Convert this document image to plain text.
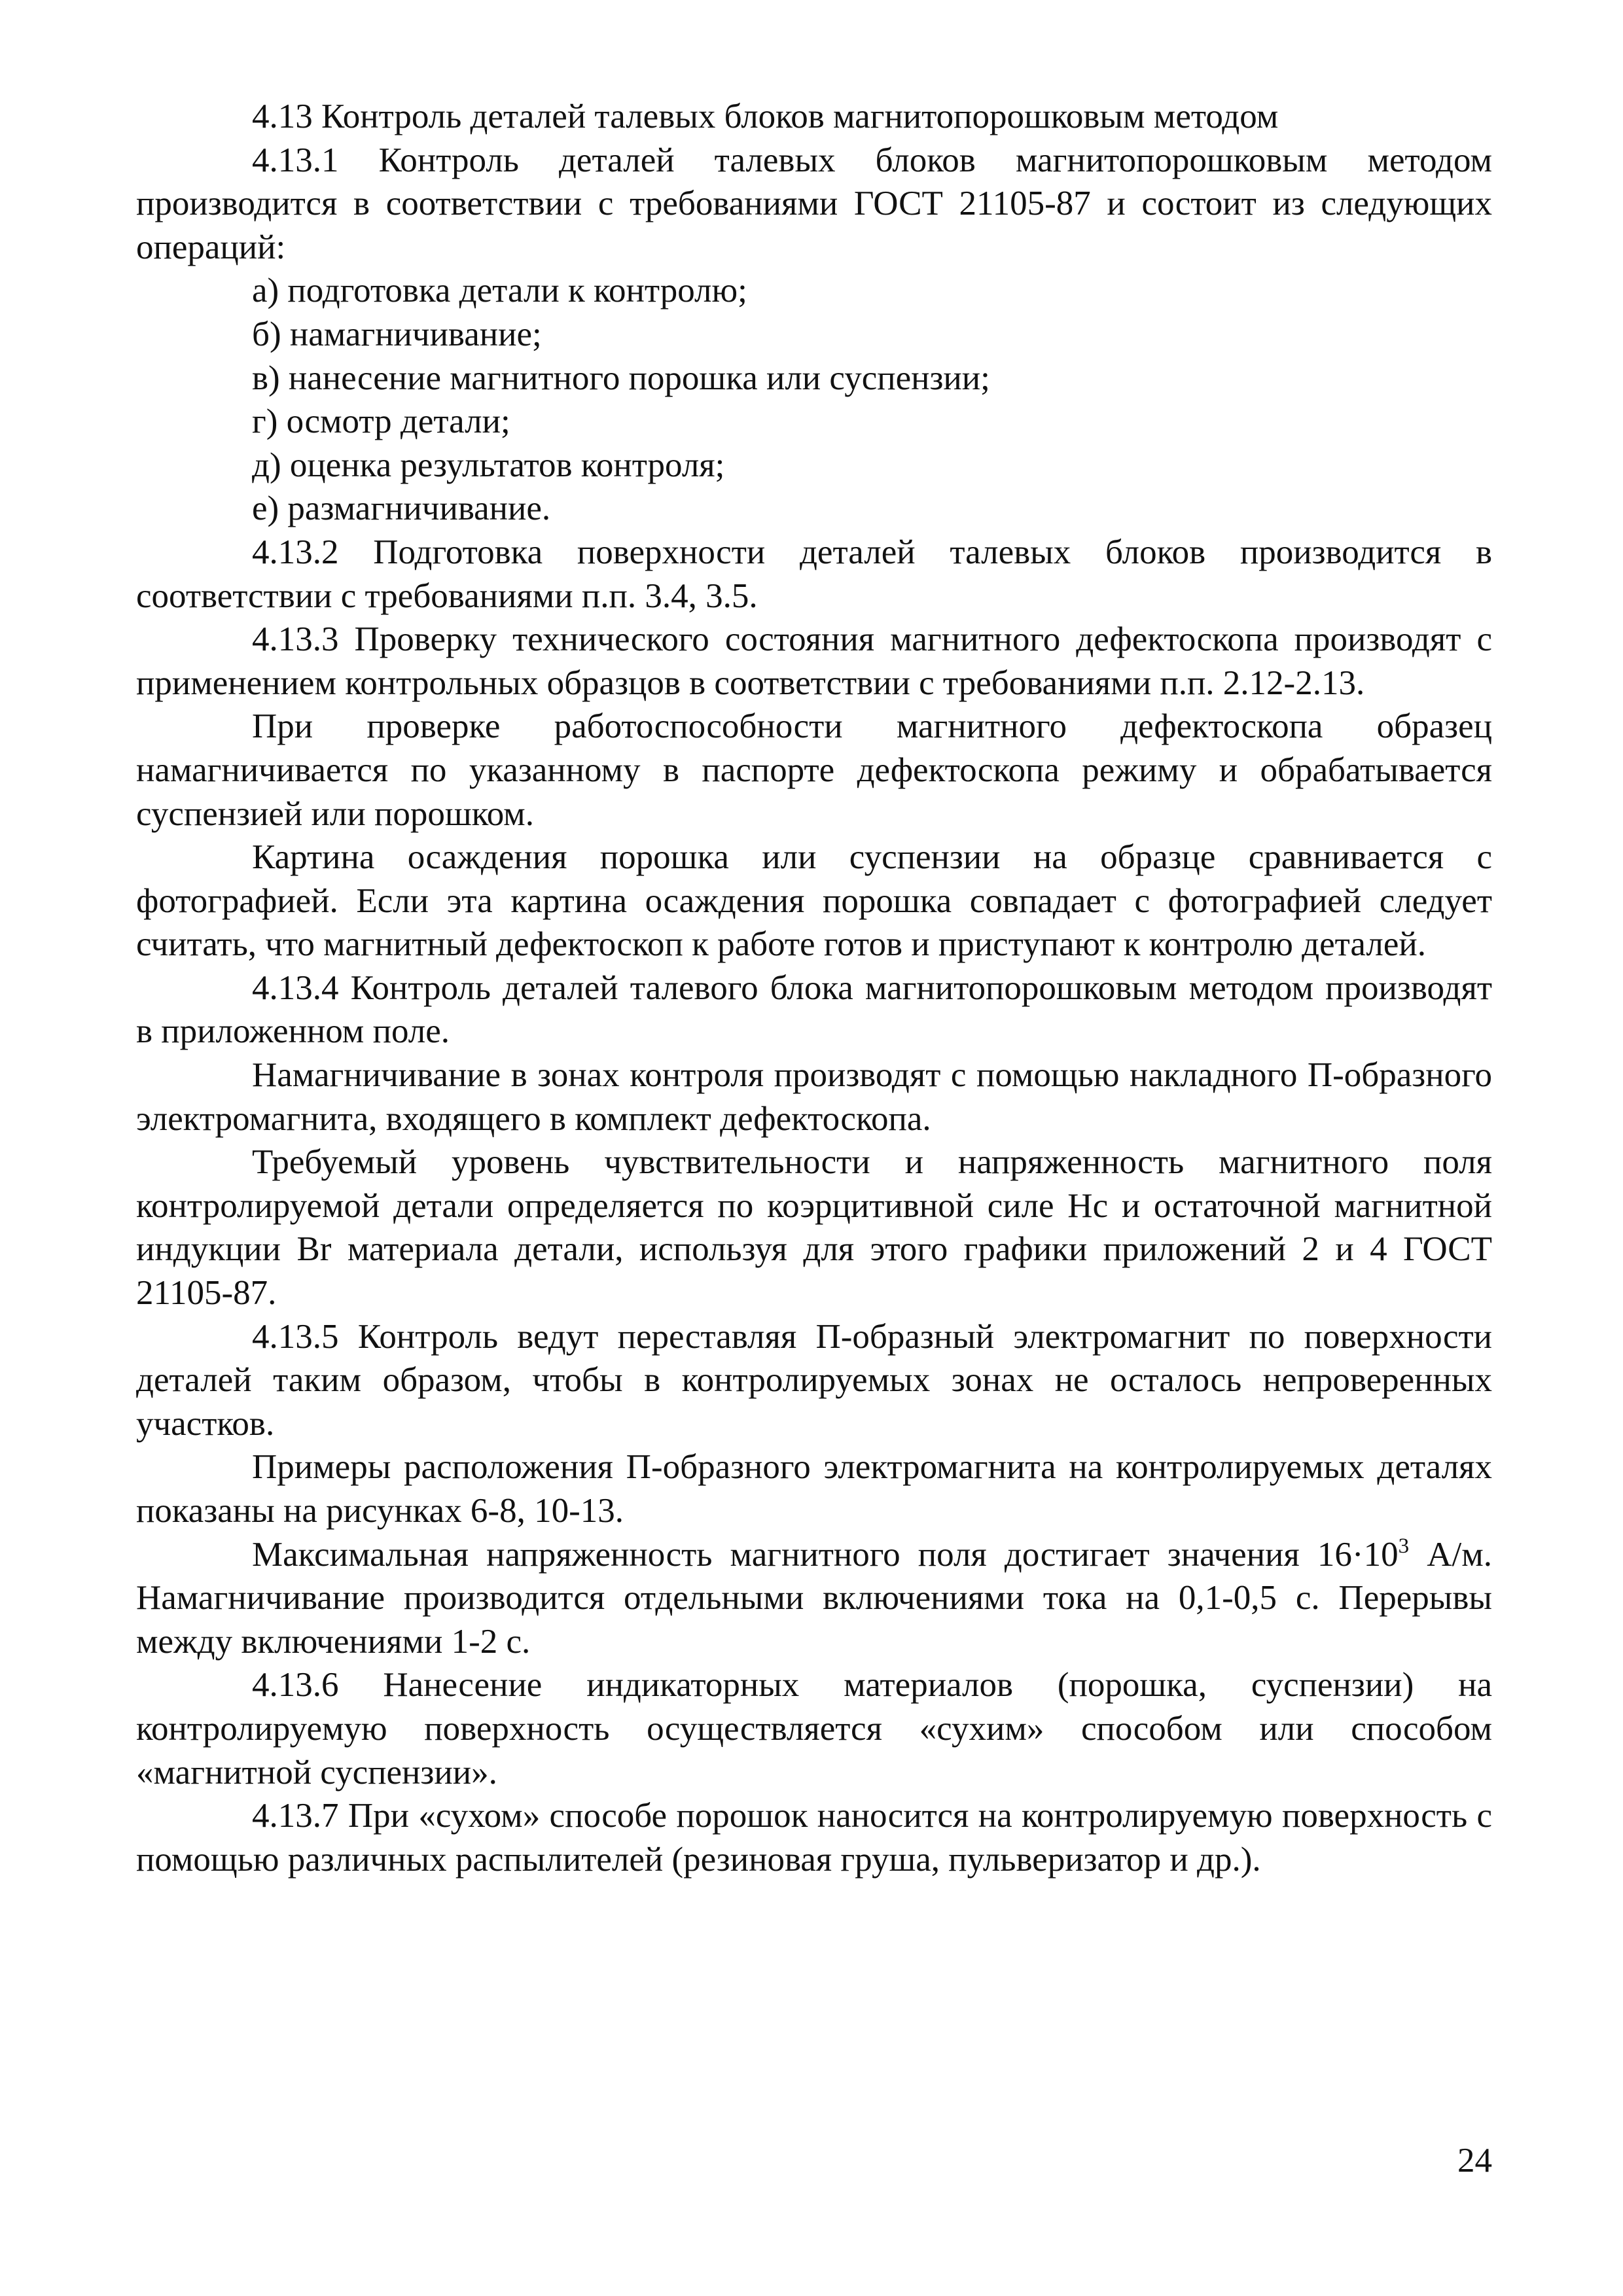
4.13 Контроль деталей талевых блоков магнитопорошковым методом

4.13.1 Контроль деталей талевых блоков магнитопорошковым методом производится в соответствии с требованиями ГОСТ 21105-87 и состоит из следующих операций:

а) подготовка детали к контролю;

б) намагничивание;

в) нанесение магнитного порошка или суспензии;

г) осмотр детали;

д) оценка результатов контроля;

е) размагничивание.

4.13.2 Подготовка поверхности деталей талевых блоков производится в соответствии с требованиями п.п. 3.4, 3.5.

4.13.3 Проверку технического состояния магнитного дефектоскопа производят с применением контрольных образцов в соответствии с требованиями п.п. 2.12-2.13.

При проверке работоспособности магнитного дефектоскопа образец намагничивается по указанному в паспорте дефектоскопа режиму и обрабатывается суспензией или порошком.

Картина осаждения порошка или суспензии на образце сравнивается с фотографией. Если эта картина осаждения порошка совпадает с фотографией следует считать, что магнитный дефектоскоп к работе готов и приступают к контролю деталей.

4.13.4 Контроль деталей талевого блока магнитопорошковым методом производят в приложенном поле.

Намагничивание в зонах контроля производят с помощью накладного П-образного электромагнита, входящего в комплект дефектоскопа.

Требуемый уровень чувствительности и напряженность магнитного поля контролируемой детали определяется по коэрцитивной силе Нс и остаточной магнитной индукции Br материала детали, используя для этого графики приложений 2 и 4 ГОСТ 21105-87.

4.13.5 Контроль ведут переставляя П-образный электромагнит по поверхности деталей таким образом, чтобы в контролируемых зонах не осталось непроверенных участков.

Примеры расположения П-образного электромагнита на контролируемых деталях показаны на рисунках 6-8, 10-13.

Максимальная напряженность магнитного поля достигает значения $16\cdot 10^3$ А/м. Намагничивание производится отдельными включениями тока на 0,1-0,5 с. Перерывы между включениями 1-2 с.

4.13.6 Нанесение индикаторных материалов (порошка, суспензии) на контролируемую поверхность осуществляется «сухим» способом или способом «магнитной суспензии».

4.13.7 При «сухом» способе порошок наносится на контролируемую поверхность с помощью различных распылителей (резиновая груша, пульверизатор и др.).

24
